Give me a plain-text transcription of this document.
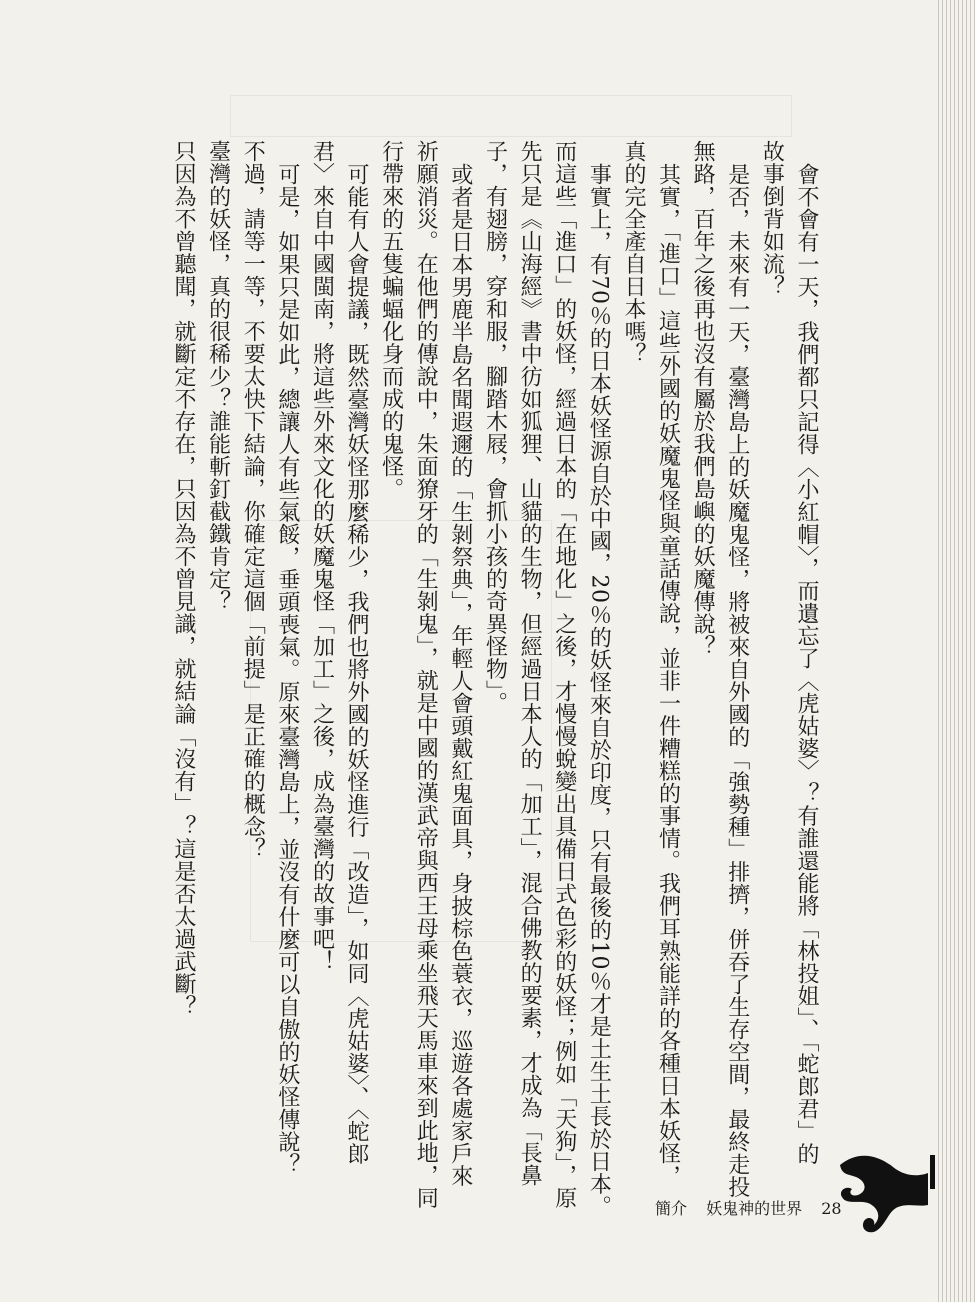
會不會有一天，我們都只記得〈小紅帽〉，而遺忘了〈虎姑婆〉？有誰還能將「林投姐」、「蛇郎君」的
故事倒背如流？
是否，未來有一天，臺灣島上的妖魔鬼怪，將被來自外國的「強勢種」排擠，併吞了生存空間，最終走投
無路，百年之後再也沒有屬於我們島嶼的妖魔傳說？
其實，「進口」這些外國的妖魔鬼怪與童話傳說，並非一件糟糕的事情。我們耳熟能詳的各種日本妖怪，
真的完全產自日本嗎？
事實上，有70％的日本妖怪源自於中國，20％的妖怪來自於印度，只有最後的10％才是土生土長於日本。
而這些「進口」的妖怪，經過日本的「在地化」之後，才慢慢蛻變出具備日式色彩的妖怪；例如「天狗」，原
先只是《山海經》書中彷如狐狸、山貓的生物，但經過日本人的「加工」，混合佛教的要素，才成為「長鼻
子，有翅膀，穿和服，腳踏木屐，會抓小孩的奇異怪物」。
或者是日本男鹿半島名聞遐邇的「生剝祭典」，年輕人會頭戴紅鬼面具，身披棕色蓑衣，巡遊各處家戶來
祈願消災。在他們的傳說中，朱面獠牙的「生剝鬼」，就是中國的漢武帝與西王母乘坐飛天馬車來到此地，同
行帶來的五隻蝙蝠化身而成的鬼怪。
可能有人會提議，既然臺灣妖怪那麼稀少，我們也將外國的妖怪進行「改造」，如同〈虎姑婆〉、〈蛇郎
君〉來自中國閩南，將這些外來文化的妖魔鬼怪「加工」之後，成為臺灣的故事吧！
可是，如果只是如此，總讓人有些氣餒，垂頭喪氣。原來臺灣島上，並沒有什麼可以自傲的妖怪傳說？
不過，請等一等，不要太快下結論，你確定這個「前提」是正確的概念？
臺灣的妖怪，真的很稀少？誰能斬釘截鐵肯定？
只因為不曾聽聞，就斷定不存在，只因為不曾見識，就結論「沒有」？這是否太過武斷？
簡介 妖鬼神的世界 28
